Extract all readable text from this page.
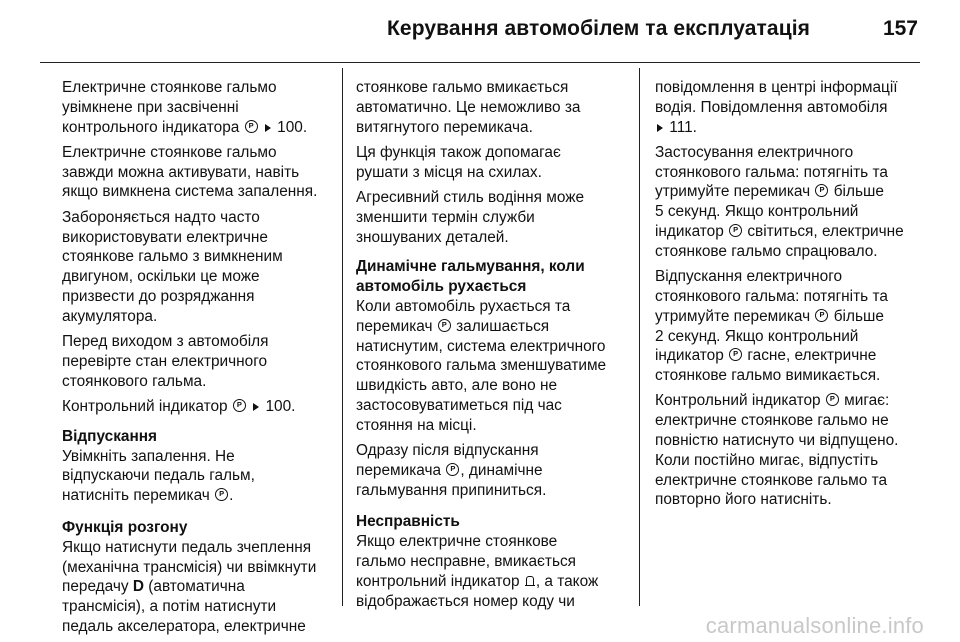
Керування автомобілем та експлуатація	157

Електричне стоянкове гальмо
увімкнене при засвіченні
контрольного індикатора P 100.

Електричне стоянкове гальмо
завжди можна активувати, навіть
якщо вимкнена система запалення.

Забороняється надто часто
використовувати електричне
стоянкове гальмо з вимкненим
двигуном, оскільки це може
призвести до розряджання
акумулятора.

Перед виходом з автомобіля
перевірте стан електричного
стоянкового гальма.

Контрольний індикатор P 100.

Відпускання

Увімкніть запалення. Не
відпускаючи педаль гальм,
натисніть перемикач P .

Функція розгону

Якщо натиснути педаль зчеплення
(механічна трансмісія) чи ввімкнути
передачу D (автоматична
трансмісія), а потім натиснути
педаль акселератора, електричне

стоянкове гальмо вмикається
автоматично. Це неможливо за
витягнутого перемикача.

Ця функція також допомагає
рушати з місця на схилах.

Агресивний стиль водіння може
зменшити термін служби
зношуваних деталей.

Динамічне гальмування, коли
автомобіль рухається

Коли автомобіль рухається та
перемикач P залишається
натиснутим, система електричного
стоянкового гальма зменшуватиме
швидкість авто, але воно не
застосовуватиметься під час
стояння на місці.

Одразу після відпускання
перемикача P , динамічне
гальмування припиниться.

Несправність

Якщо електричне стоянкове
гальмо несправне, вмикається
контрольний індикатор , а також
відображається номер коду чи

повідомлення в центрі інформації
водія. Повідомлення автомобіля
111.

Застосування електричного
стоянкового гальма: потягніть та
утримуйте перемикач P більше
5 секунд. Якщо контрольний
індикатор P світиться, електричне
стоянкове гальмо спрацювало.

Відпускання електричного
стоянкового гальма: потягніть та
утримуйте перемикач P більше
2 секунд. Якщо контрольний
індикатор P гасне, електричне
стоянкове гальмо вимикається.

Контрольний індикатор P мигає:
електричне стоянкове гальмо не
повністю натиснуто чи відпущено.
Коли постійно мигає, відпустіть
електричне стоянкове гальмо та
повторно його натисніть.

carmanualsonline.info
